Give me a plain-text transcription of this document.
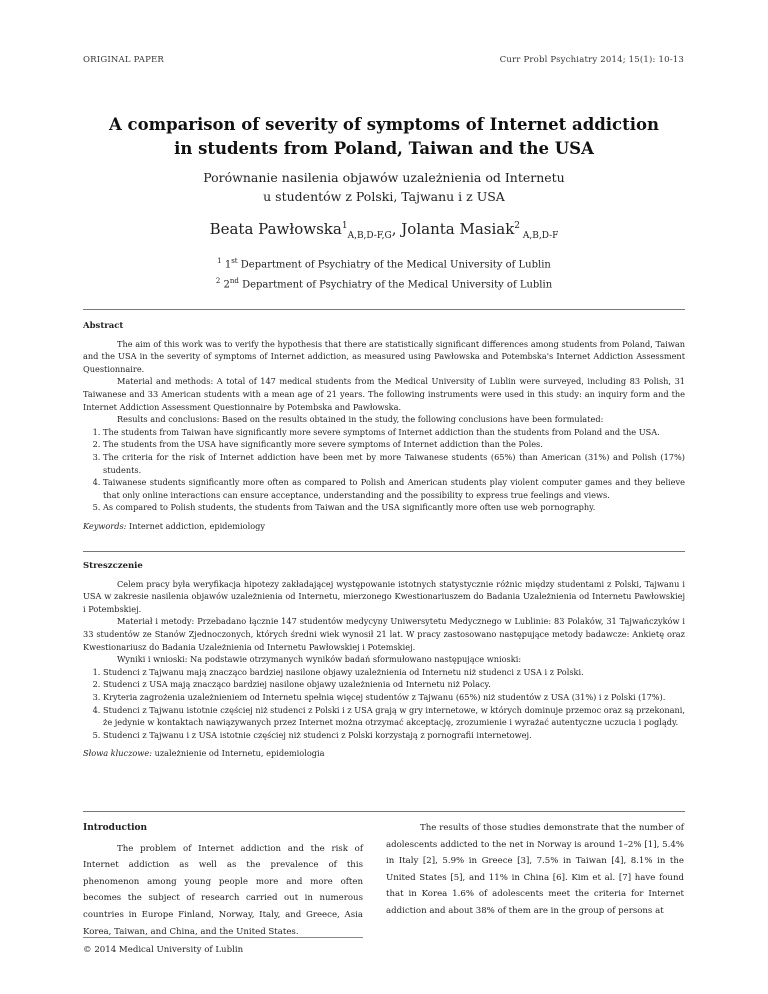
ORIGINAL PAPER	Curr Probl Psychiatry 2014; 15(1): 10-13
A comparison of severity of symptoms of Internet addiction
in students from Poland, Taiwan and the USA
Porównanie nasilenia objawów uzależnienia od Internetu
u studentów z Polski, Tajwanu i z USA
Beata Pawłowska$^1_{A,B,D-F,G}$, Jolanta Masiak$^2$ $_{A,B,D-F}$
$^1$ 1st Department of Psychiatry of the Medical University of Lublin
$^2$ 2nd Department of Psychiatry of the Medical University of Lublin
Abstract

The aim of this work was to verify the hypothesis that there are statistically significant differences among students from Poland, Taiwan and the USA in the severity of symptoms of Internet addiction, as measured using Pawłowska and Potembska's Internet Addiction Assessment Questionnaire.

Material and methods: A total of 147 medical students from the Medical University of Lublin were surveyed, including 83 Polish, 31 Taiwanese and 33 American students with a mean age of 21 years. The following instruments were used in this study: an inquiry form and the Internet Addiction Assessment Questionnaire by Potembska and Pawłowska.

Results and conclusions: Based on the results obtained in the study, the following conclusions have been formulated:

1. The students from Taiwan have significantly more severe symptoms of Internet addiction than the students from Poland and the USA.
2. The students from the USA have significantly more severe symptoms of Internet addiction than the Poles.
3. The criteria for the risk of Internet addiction have been met by more Taiwanese students (65%) than American (31%) and Polish (17%) students.
4. Taiwanese students significantly more often as compared to Polish and American students play violent computer games and they believe that only online interactions can ensure acceptance, understanding and the possibility to express true feelings and views.
5. As compared to Polish students, the students from Taiwan and the USA significantly more often use web pornography.
Keywords: Internet addiction, epidemiology
Streszczenie

Celem pracy była weryfikacja hipotezy zakładającej występowanie istotnych statystycznie różnic między studentami z Polski, Tajwanu i USA w zakresie nasilenia objawów uzależnienia od Internetu, mierzonego Kwestionariuszem do Badania Uzależnienia od Internetu Pawłowskiej i Potembskiej.

Materiał i metody: Przebadano łącznie 147 studentów medycyny Uniwersytetu Medycznego w Lublinie: 83 Polaków, 31 Tajwańczyków i 33 studentów ze Stanów Zjednoczonych, których średni wiek wynosił 21 lat. W pracy zastosowano następujące metody badawcze: Ankietę oraz Kwestionariusz do Badania Uzależnienia od Internetu Pawłowskiej i Potemskiej.

Wyniki i wnioski: Na podstawie otrzymanych wyników badań sformułowano następujące wnioski:

1. Studenci z Tajwanu mają znacząco bardziej nasilone objawy uzależnienia od Internetu niż studenci z USA i z Polski.
2. Studenci z USA mają znacząco bardziej nasilone objawy uzależnienia od Internetu niż Polacy.
3. Kryteria zagrożenia uzależnieniem od Internetu spełnia więcej studentów z Tajwanu (65%) niż studentów z USA (31%) i z Polski (17%).
4. Studenci z Tajwanu istotnie częściej niż studenci z Polski i z USA grają w gry internetowe, w których dominuje przemoc oraz są przekonani, że jedynie w kontaktach nawiązywanych przez Internet można otrzymać akceptację, zrozumienie i wyrażać autentyczne uczucia i poglądy.
5. Studenci z Tajwanu i z USA istotnie częściej niż studenci z Polski korzystają z pornografii internetowej.
Słowa kluczowe: uzależnienie od Internetu, epidemiologia
Introduction

The problem of Internet addiction and the risk of Internet addiction as well as the prevalence of this phenomenon among young people more and more often becomes the subject of research carried out in numerous countries in Europe Finland, Norway, Italy, and Greece, Asia Korea, Taiwan, and China, and the United States.

The results of those studies demonstrate that the number of adolescents addicted to the net in Norway is around 1–2% [1], 5.4% in Italy [2], 5.9% in Greece [3], 7.5% in Taiwan [4], 8.1% in the United States [5], and 11% in China [6]. Kim et al. [7] have found that in Korea 1.6% of adolescents meet the criteria for Internet addiction and about 38% of them are in the group of persons at

© 2014 Medical University of Lublin
